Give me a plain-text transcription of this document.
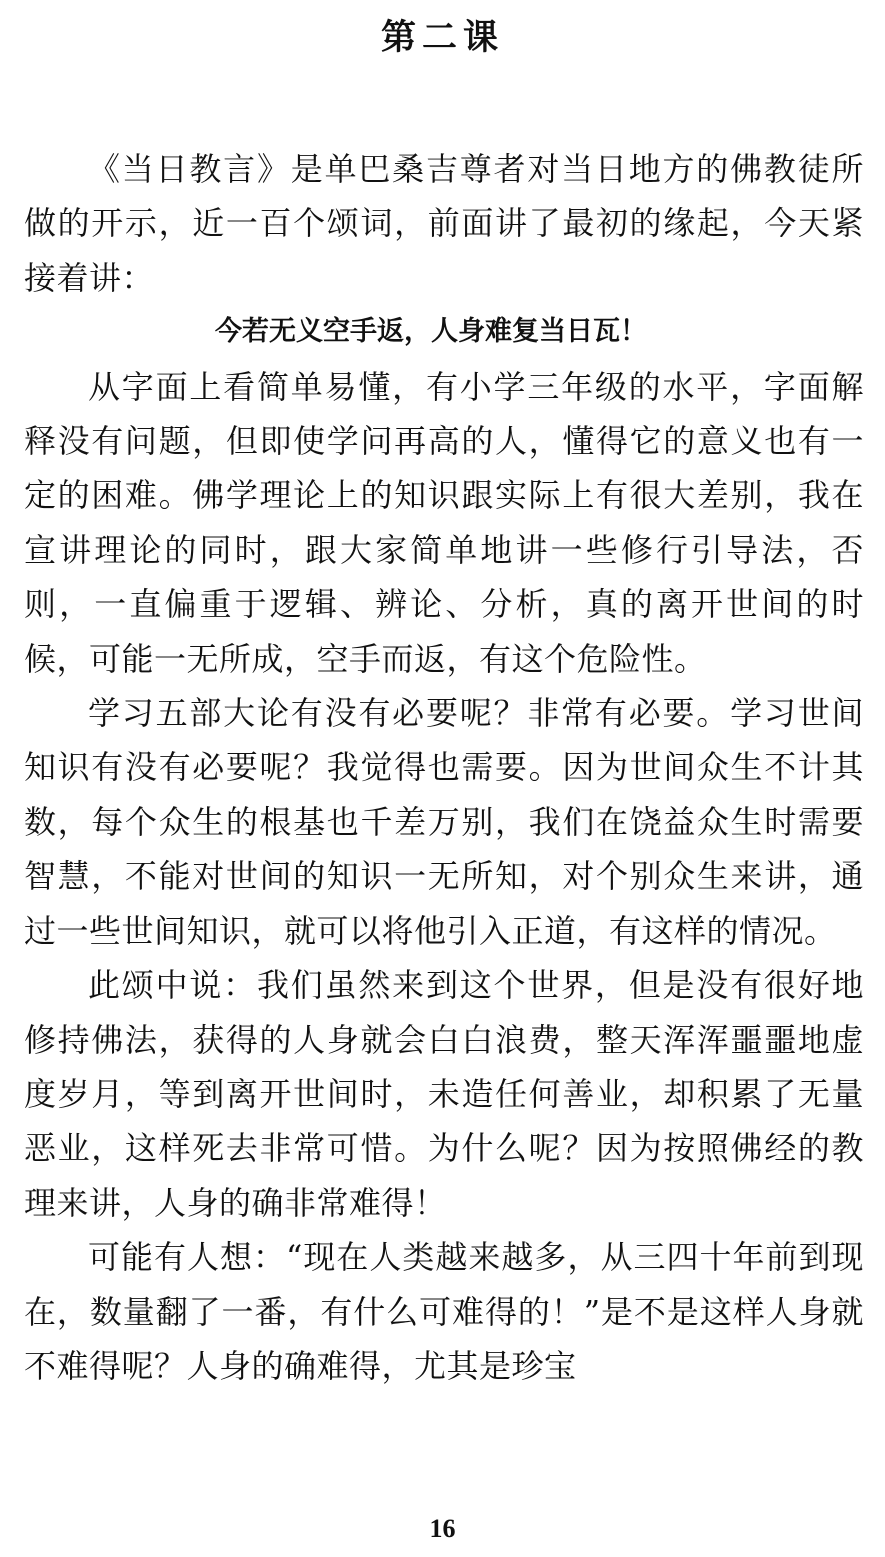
第二课

《当日教言》是单巴桑吉尊者对当日地方的佛教徒所做的开示，近一百个颂词，前面讲了最初的缘起，今天紧接着讲：

今若无义空手返，人身难复当日瓦！

从字面上看简单易懂，有小学三年级的水平，字面解释没有问题，但即使学问再高的人，懂得它的意义也有一定的困难。佛学理论上的知识跟实际上有很大差别，我在宣讲理论的同时，跟大家简单地讲一些修行引导法，否则，一直偏重于逻辑、辨论、分析，真的离开世间的时候，可能一无所成，空手而返，有这个危险性。

学习五部大论有没有必要呢？非常有必要。学习世间知识有没有必要呢？我觉得也需要。因为世间众生不计其数，每个众生的根基也千差万别，我们在饶益众生时需要智慧，不能对世间的知识一无所知，对个别众生来讲，通过一些世间知识，就可以将他引入正道，有这样的情况。

此颂中说：我们虽然来到这个世界，但是没有很好地修持佛法，获得的人身就会白白浪费，整天浑浑噩噩地虚度岁月，等到离开世间时，未造任何善业，却积累了无量恶业，这样死去非常可惜。为什么呢？因为按照佛经的教理来讲，人身的确非常难得！

可能有人想：“现在人类越来越多，从三四十年前到现在，数量翻了一番，有什么可难得的！”是不是这样人身就不难得呢？人身的确难得，尤其是珍宝

16
